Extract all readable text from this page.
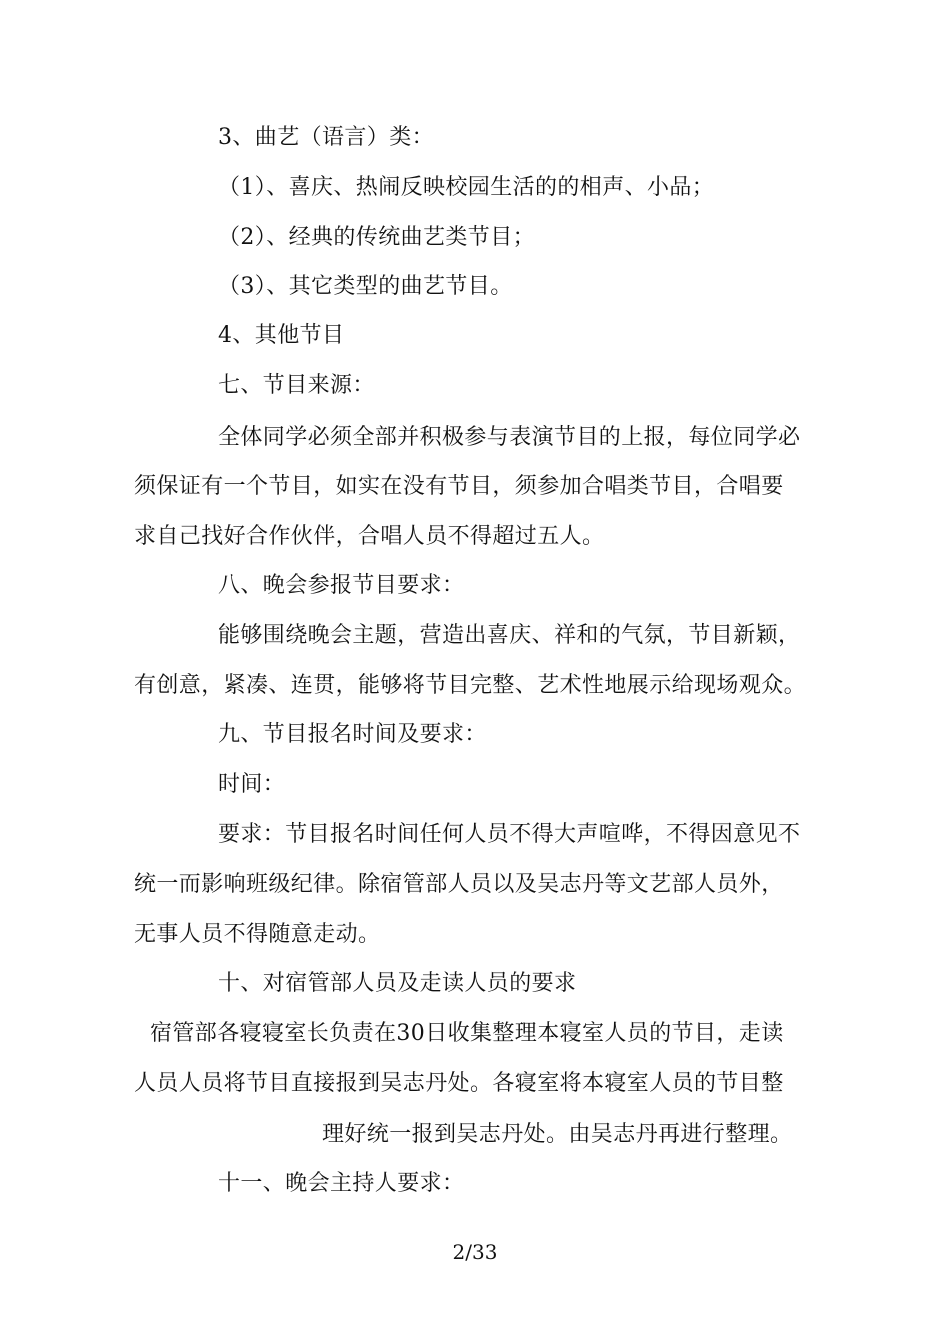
3、曲艺（语言）类：
（1）、喜庆、热闹反映校园生活的的相声、小品；
（2）、经典的传统曲艺类节目；
（3）、其它类型的曲艺节目。
4、其他节目
七、节目来源：
全体同学必须全部并积极参与表演节目的上报，每位同学必
须保证有一个节目，如实在没有节目，须参加合唱类节目，合唱要
求自己找好合作伙伴，合唱人员不得超过五人。
八、晚会参报节目要求：
能够围绕晚会主题，营造出喜庆、祥和的气氛，节目新颖，
有创意，紧凑、连贯，能够将节目完整、艺术性地展示给现场观众。
九、节目报名时间及要求：
时间：
要求：节目报名时间任何人员不得大声喧哗，不得因意见不
统一而影响班级纪律。除宿管部人员以及吴志丹等文艺部人员外，
无事人员不得随意走动。
十、对宿管部人员及走读人员的要求
宿管部各寝寝室长负责在30日收集整理本寝室人员的节目，走读
人员人员将节目直接报到吴志丹处。各寝室将本寝室人员的节目整
理好统一报到吴志丹处。由吴志丹再进行整理。
十一、晚会主持人要求：
2/33
